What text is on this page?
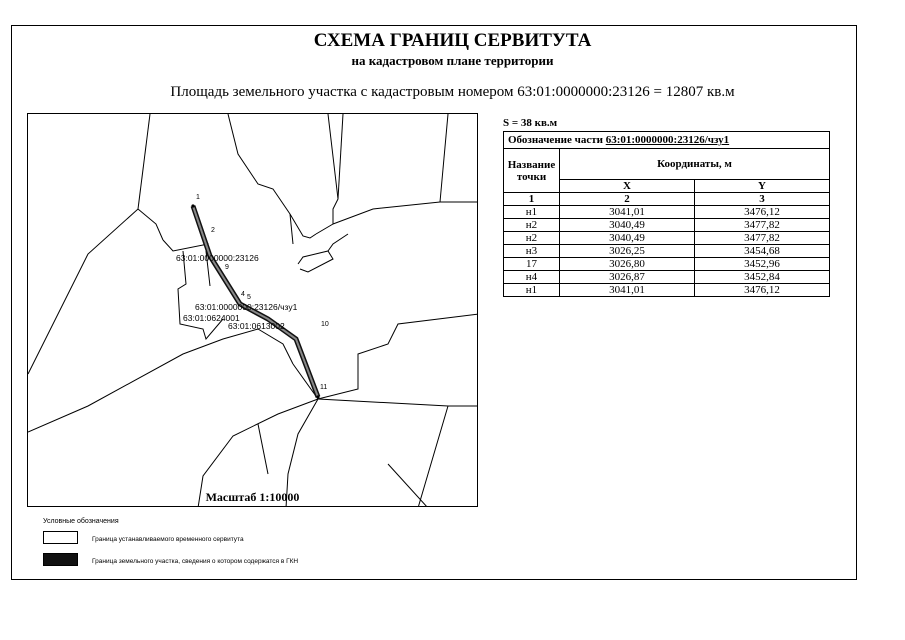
СХЕМА ГРАНИЦ СЕРВИТУТА
на кадастровом плане территории
Площадь земельного участка с кадастровым номером 63:01:0000000:23126 = 12807 кв.м
1
2
9
4 5
10
11
63:01:0000000:23126
63:01:0000000:23126/чзу1
63:01:0624001
63:01:0613002
Масштаб 1:10000
S = 38 кв.м
Обозначение части 63:01:0000000:23126/чзу1		
Название точки	Координаты, м	
	X	Y
1	2	3
н1	3041,01	3476,12
н2	3040,49	3477,82
н2	3040,49	3477,82
н3	3026,25	3454,68
17	3026,80	3452,96
н4	3026,87	3452,84
н1	3041,01	3476,12
Условные обозначения
Граница устанавливаемого временного сервитута
Граница земельного участка, сведения о котором содержатся в ГКН
